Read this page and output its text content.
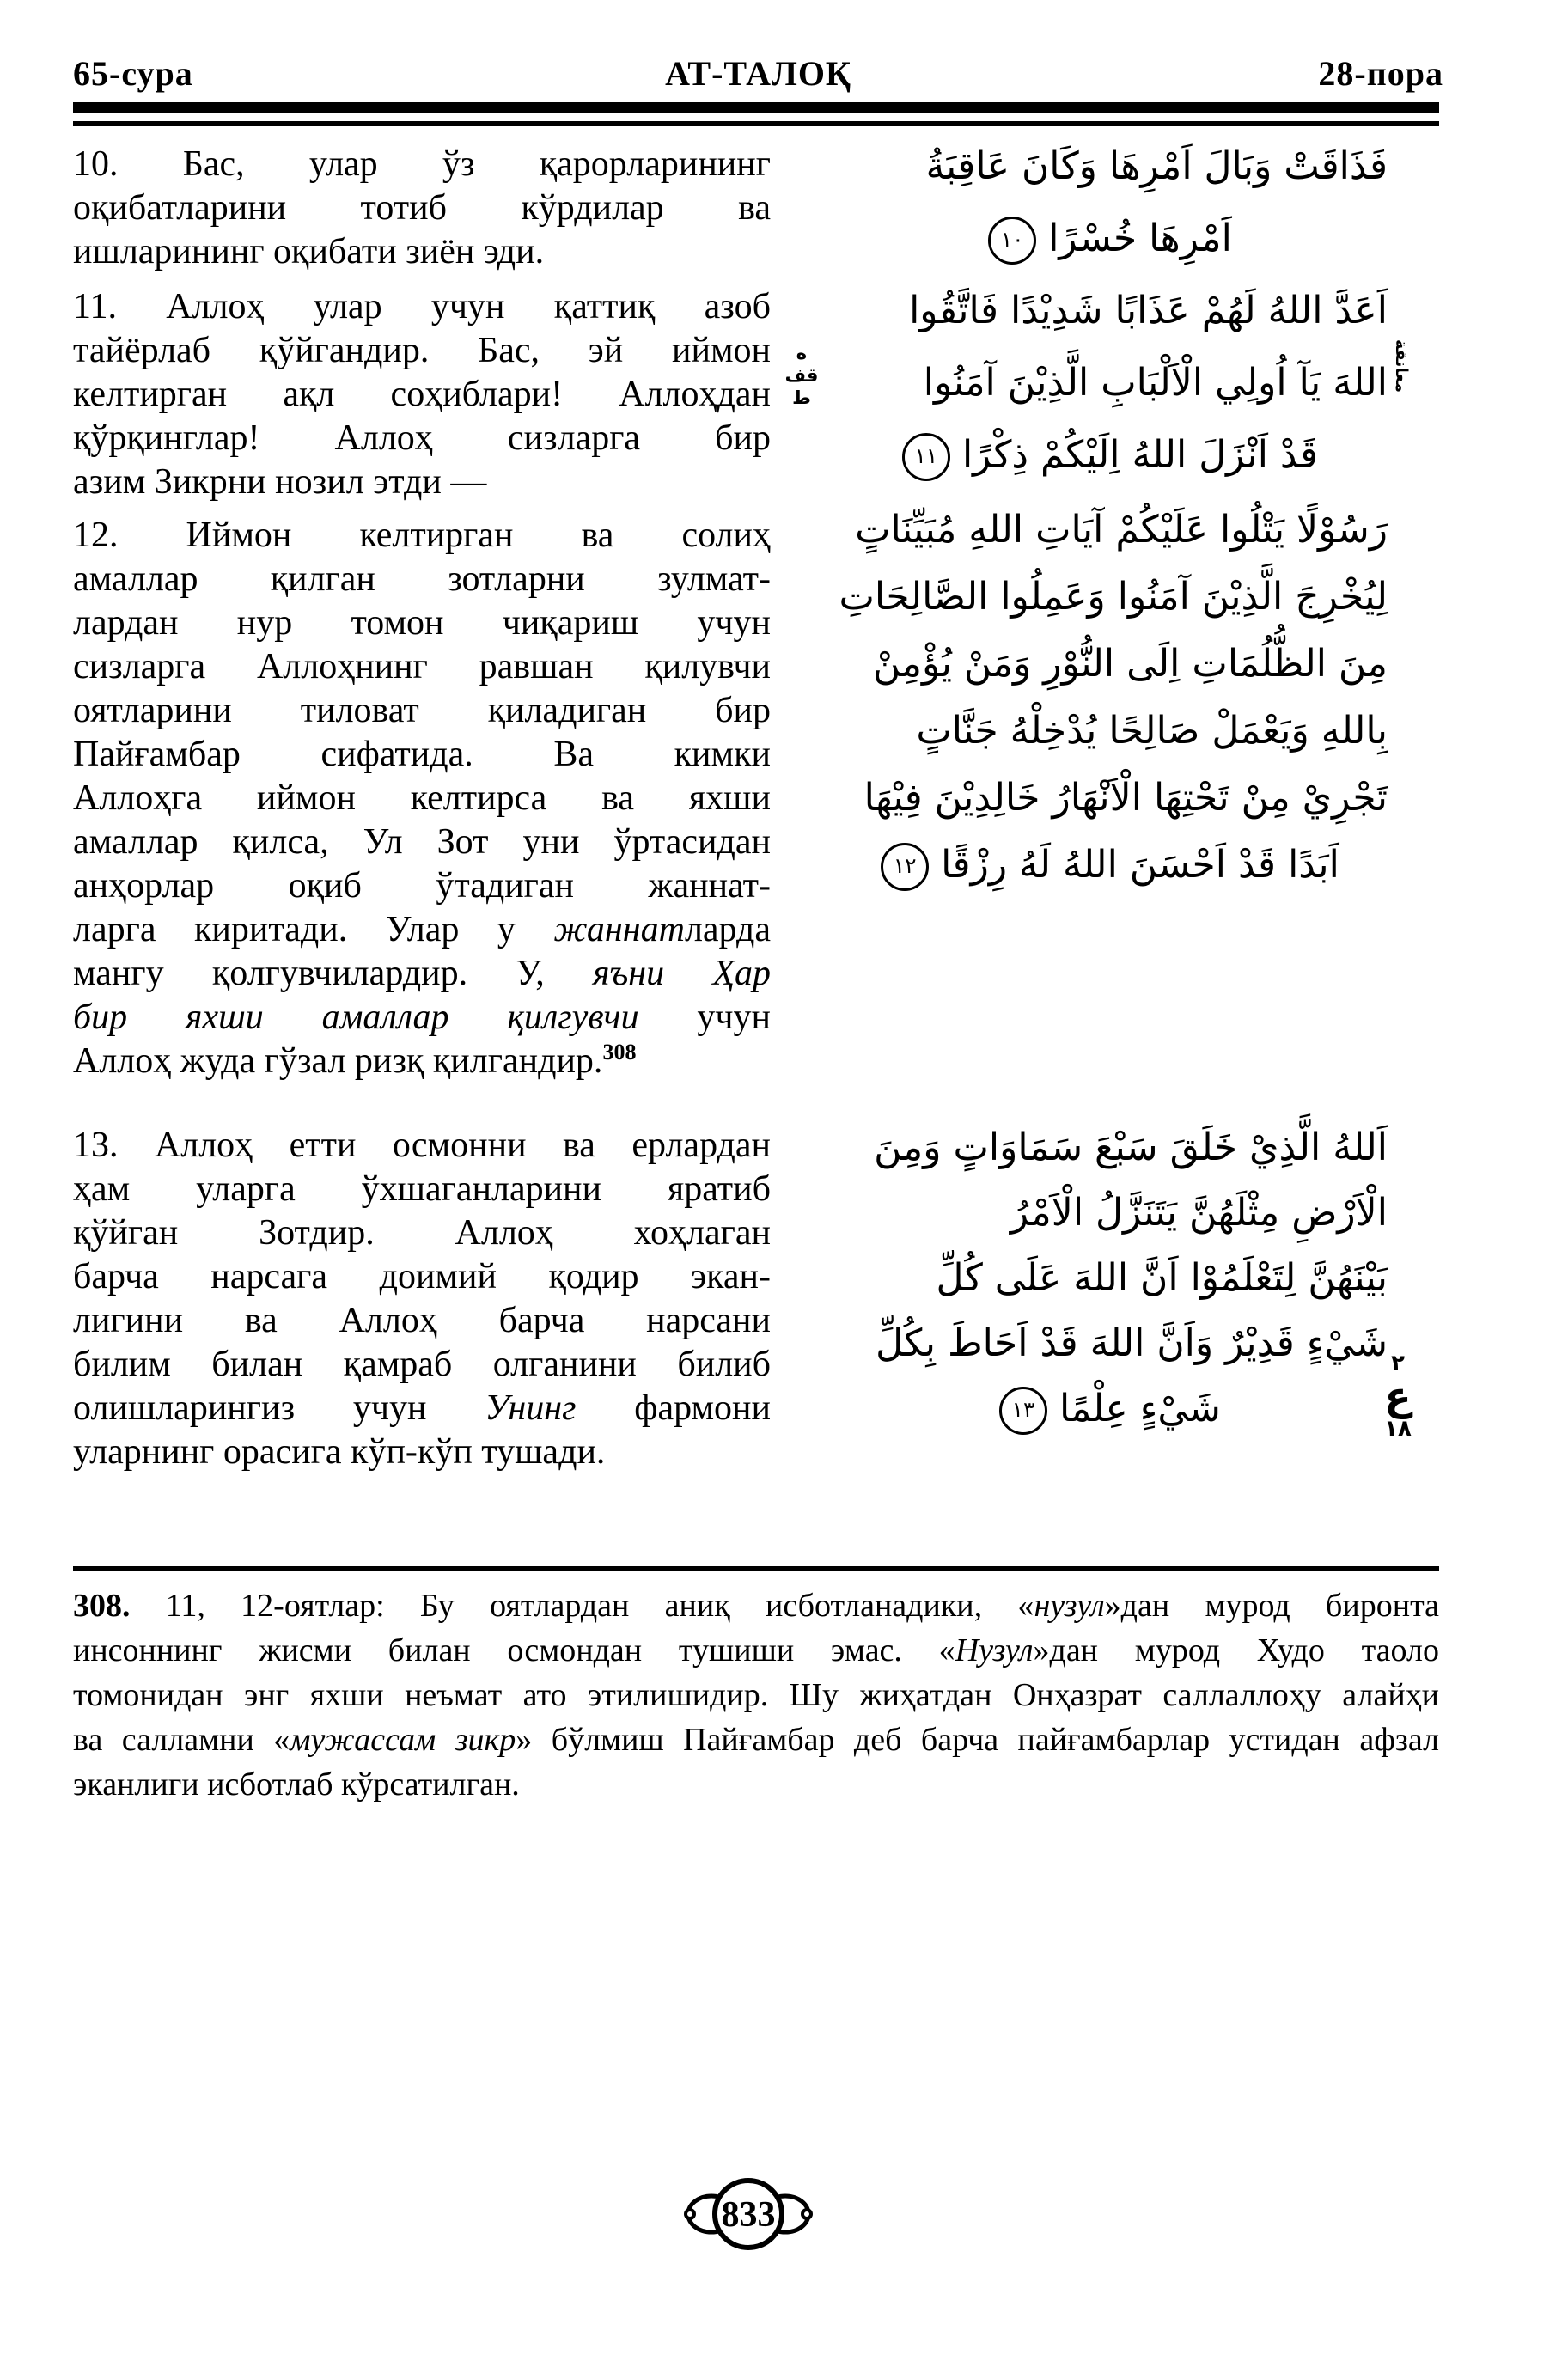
65-сура	АТ-ТАЛОҚ	28-пора
10. Бас, улар ўз қарорларининг
оқибатларини тотиб кўрдилар ва
ишларининг оқибати зиён эди.
11. Аллоҳ улар учун қаттиқ азоб
тайёрлаб қўйгандир. Бас, эй иймон
келтирган ақл соҳиблари! Аллоҳдан
қўрқинглар! Аллоҳ сизларга бир
азим Зикрни нозил этди —
12. Иймон келтирган ва солиҳ
амаллар қилган зотларни зулмат-
лардан нур томон чиқариш учун
сизларга Аллоҳнинг равшан қилувчи
оятларини тиловат қиладиган бир
Пайғамбар сифатида. Ва кимки
Аллоҳга иймон келтирса ва яхши
амаллар қилса, Ул Зот уни ўртасидан
анҳорлар оқиб ўтадиган жаннат-
ларга киритади. Улар у жаннатларда
мангу қолгувчилардир. У, яъни Ҳар
бир яхши амаллар қилгувчи учун
Аллоҳ жуда гўзал ризқ қилгандир.$^{308}$
13. Аллоҳ етти осмонни ва ерлардан
ҳам уларга ўхшаганларини яратиб
қўйган Зотдир. Аллоҳ хоҳлаган
барча нарсага доимий қодир экан-
лигини ва Аллоҳ барча нарсани
билим билан қамраб олганини билиб
олишларингиз учун Унинг фармони
уларнинг орасига кўп-кўп тушади.
فَذَاقَتْ وَبَالَ اَمْرِهَا وَكَانَ عَاقِبَةُ
اَمْرِهَا خُسْرًا١٠
اَعَدَّ اللهُ لَهُمْ عَذَابًا شَدِيْدًا فَاتَّقُوا
اللهَ يَآ اُولِي الْاَلْبَابِ الَّذِيْنَ آمَنُوا
قَدْ اَنْزَلَ اللهُ اِلَيْكُمْ ذِكْرًا١١
رَسُوْلًا يَتْلُوا عَلَيْكُمْ آيَاتِ اللهِ مُبَيِّنَاتٍ
لِيُخْرِجَ الَّذِيْنَ آمَنُوا وَعَمِلُوا الصَّالِحَاتِ
مِنَ الظُّلُمَاتِ اِلَى النُّوْرِ وَمَنْ يُؤْمِنْ
بِاللهِ وَيَعْمَلْ صَالِحًا يُدْخِلْهُ جَنَّاتٍ
تَجْرِيْ مِنْ تَحْتِهَا الْاَنْهَارُ خَالِدِيْنَ فِيْهَا
اَبَدًا قَدْ اَحْسَنَ اللهُ لَهُ رِزْقًا١٢
اَللهُ الَّذِيْ خَلَقَ سَبْعَ سَمَاوَاتٍ وَمِنَ
الْاَرْضِ مِثْلَهُنَّ يَتَنَزَّلُ الْاَمْرُ
بَيْنَهُنَّ لِتَعْلَمُوْا اَنَّ اللهَ عَلَى كُلِّ
شَيْءٍ قَدِيْرٌ وَاَنَّ اللهَ قَدْ اَحَاطَ بِكُلِّ
شَيْءٍ عِلْمًا١٣
ه
قف
ط
معانقة
۲
ع
۱۸
308. 11, 12-оятлар: Бу оятлардан аниқ исботланадики, «нузул»дан мурод биронта
инсоннинг жисми билан осмондан тушиши эмас. «Нузул»дан мурод Худо таоло
томонидан энг яхши неъмат ато этилишидир. Шу жиҳатдан Онҳазрат саллаллоҳу алайҳи
ва салламни «мужассам зикр» бўлмиш Пайғамбар деб барча пайғамбарлар устидан афзал
эканлиги исботлаб кўрсатилган.
833
